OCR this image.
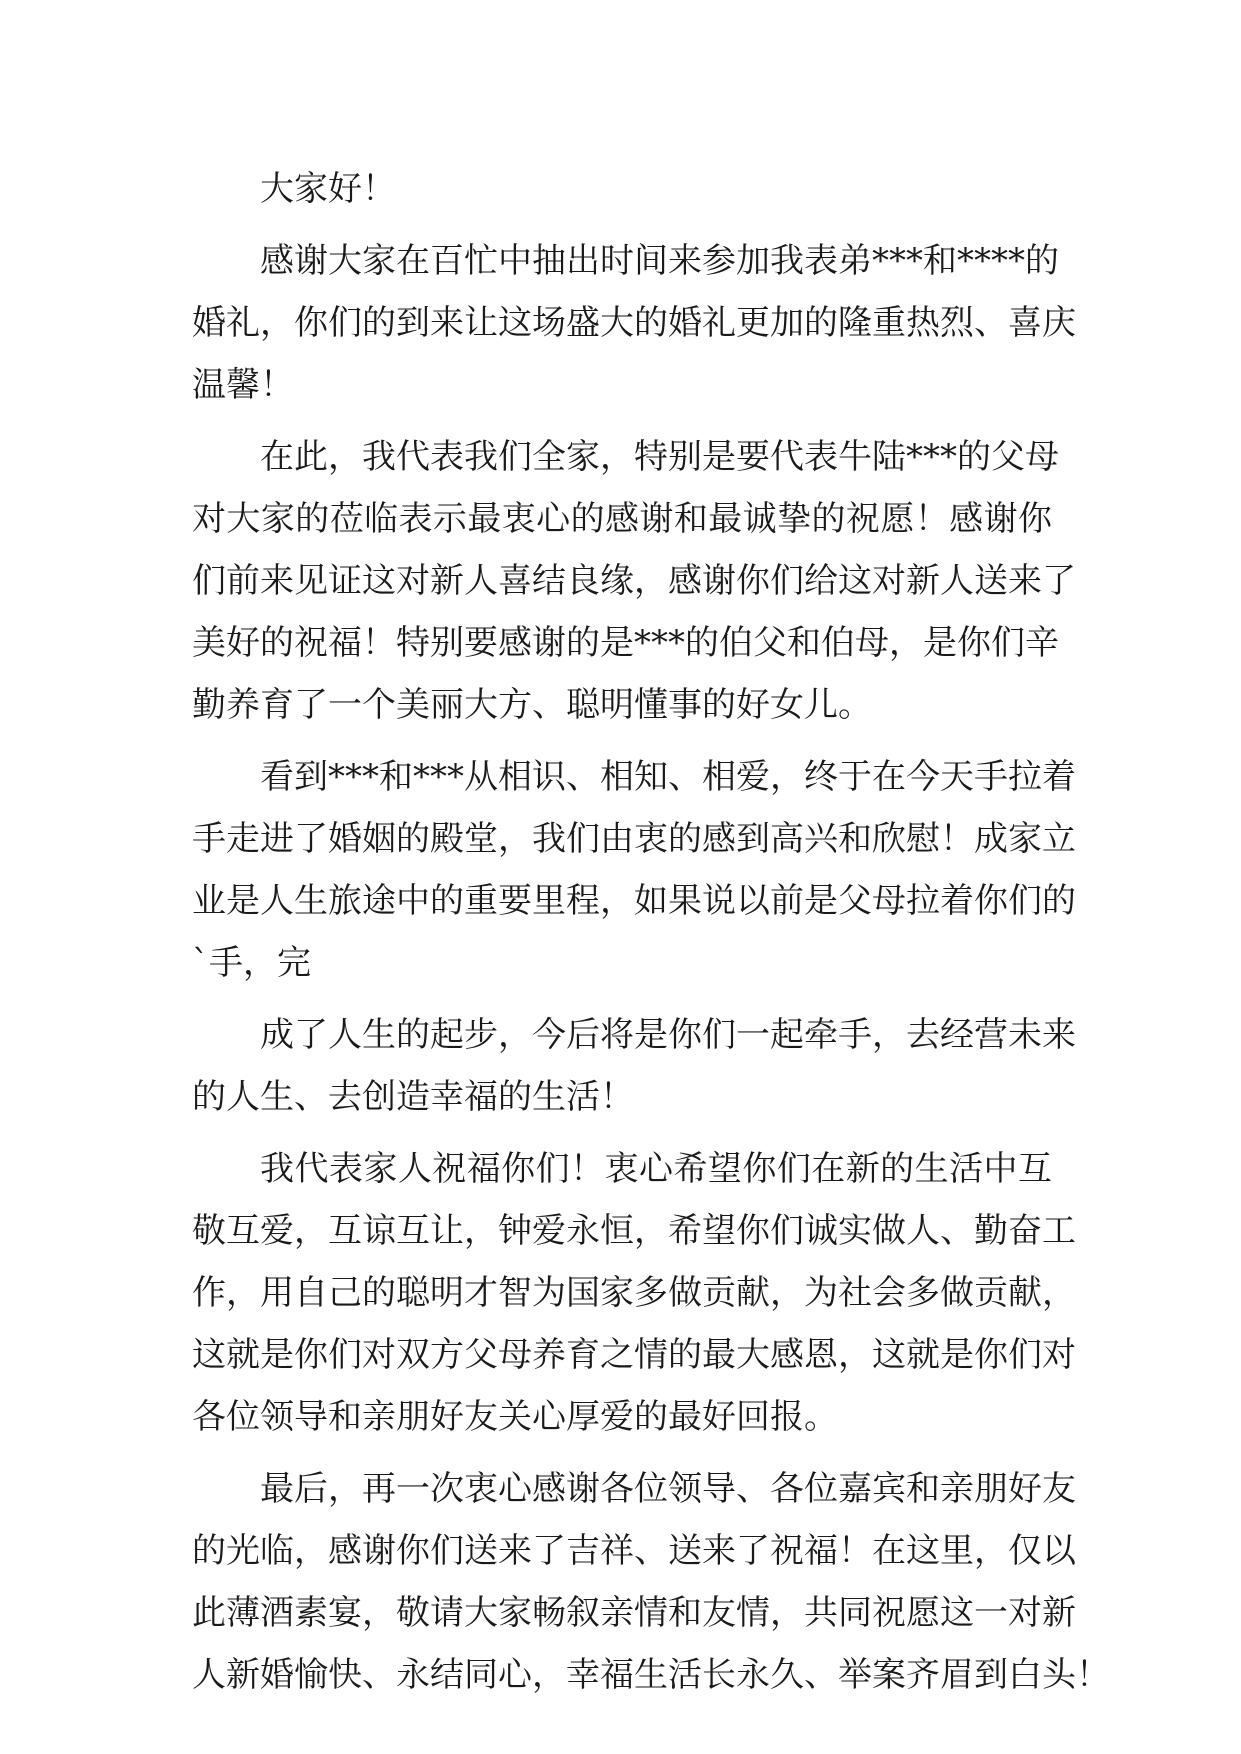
大家好！
感谢大家在百忙中抽出时间来参加我表弟***和****的
婚礼，你们的到来让这场盛大的婚礼更加的隆重热烈、喜庆
温馨！
在此，我代表我们全家，特别是要代表牛陆***的父母
对大家的莅临表示最衷心的感谢和最诚挚的祝愿！感谢你
们前来见证这对新人喜结良缘，感谢你们给这对新人送来了
美好的祝福！特别要感谢的是***的伯父和伯母，是你们辛
勤养育了一个美丽大方、聪明懂事的好女儿。
看到***和***从相识、相知、相爱，终于在今天手拉着
手走进了婚姻的殿堂，我们由衷的感到高兴和欣慰！成家立
业是人生旅途中的重要里程，如果说以前是父母拉着你们的
`手，完
成了人生的起步，今后将是你们一起牵手，去经营未来
的人生、去创造幸福的生活！
我代表家人祝福你们！衷心希望你们在新的生活中互
敬互爱，互谅互让，钟爱永恒，希望你们诚实做人、勤奋工
作，用自己的聪明才智为国家多做贡献，为社会多做贡献，
这就是你们对双方父母养育之情的最大感恩，这就是你们对
各位领导和亲朋好友关心厚爱的最好回报。
最后，再一次衷心感谢各位领导、各位嘉宾和亲朋好友
的光临，感谢你们送来了吉祥、送来了祝福！在这里，仅以
此薄酒素宴，敬请大家畅叙亲情和友情，共同祝愿这一对新
人新婚愉快、永结同心，幸福生活长永久、举案齐眉到白头！
